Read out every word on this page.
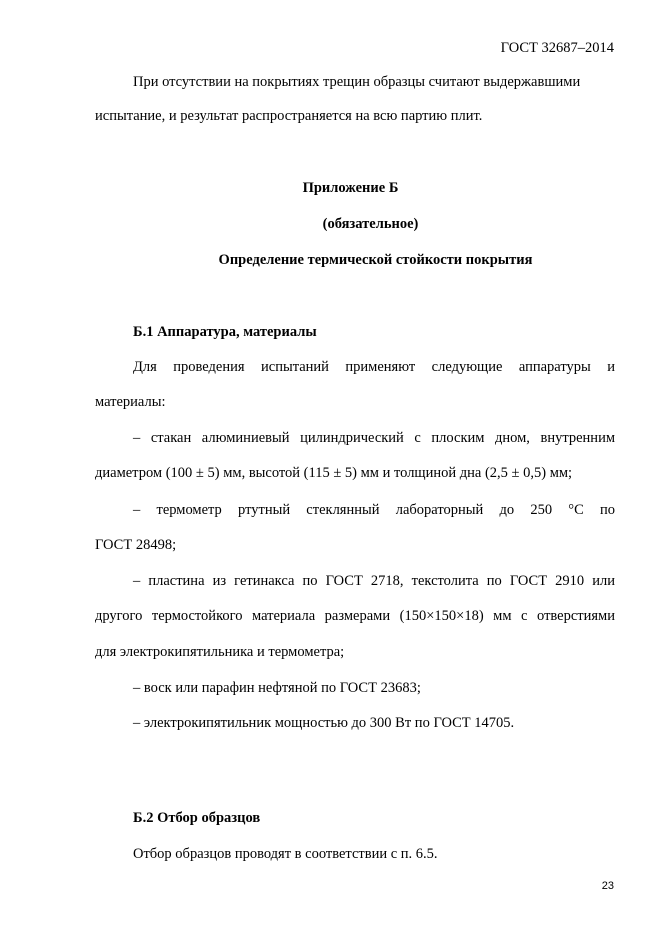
ГОСТ 32687–2014

При отсутствии на покрытиях трещин образцы считают выдержавшими

испытание, и результат распространяется на всю партию плит.

Приложение Б

(обязательное)

Определение термической стойкости покрытия

Б.1 Аппаратура, материалы

Для проведения испытаний применяют следующие аппаратуры и

материалы:

– стакан алюминиевый цилиндрический с плоским дном, внутренним

диаметром (100 ± 5) мм, высотой (115 ± 5) мм и толщиной дна (2,5 ± 0,5) мм;

– термометр ртутный стеклянный лабораторный до 250 °С по

ГОСТ 28498;

– пластина из гетинакса по ГОСТ 2718, текстолита по ГОСТ 2910 или

другого термостойкого материала размерами (150×150×18) мм с отверстиями

для электрокипятильника и термометра;

– воск или парафин нефтяной по ГОСТ 23683;

– электрокипятильник мощностью до 300 Вт по ГОСТ 14705.

Б.2 Отбор образцов

Отбор образцов проводят в соответствии с п. 6.5.

23
